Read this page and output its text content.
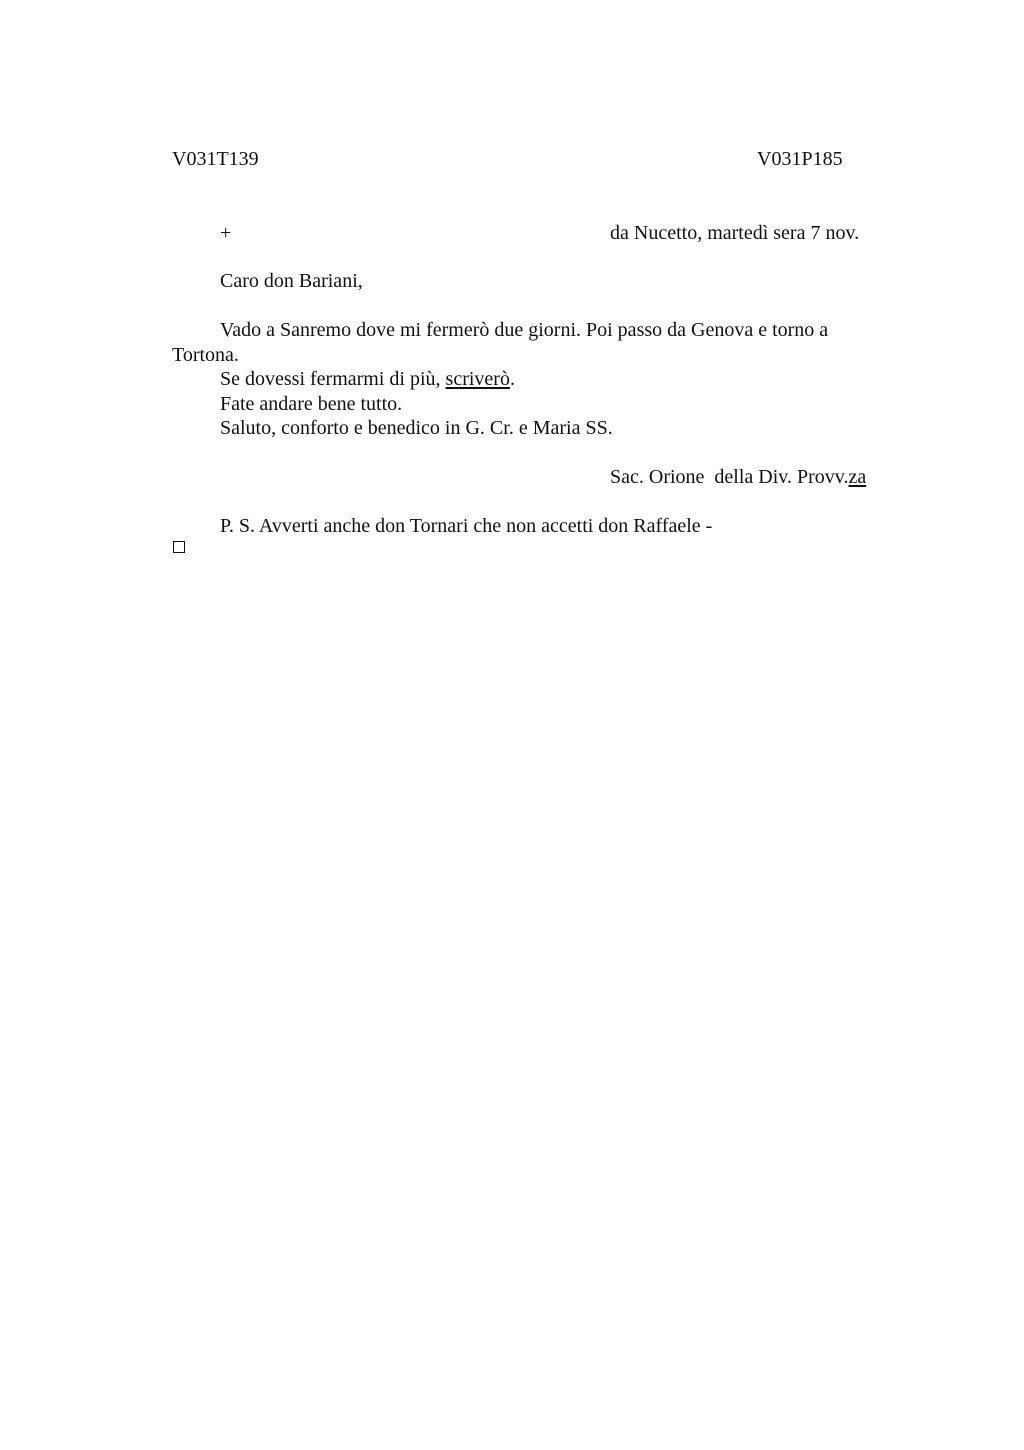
V031T139	V031P185
+	da Nucetto, martedì sera 7 nov.
Caro don Bariani,
Vado a Sanremo dove mi fermerò due giorni. Poi passo da Genova e torno a
Tortona.
Se dovessi fermarmi di più, scriverò.
Fate andare bene tutto.
Saluto, conforto e benedico in G. Cr. e Maria SS.
Sac. Orione  della Div. Provv.za
P. S. Avverti anche don Tornari che non accetti don Raffaele -
